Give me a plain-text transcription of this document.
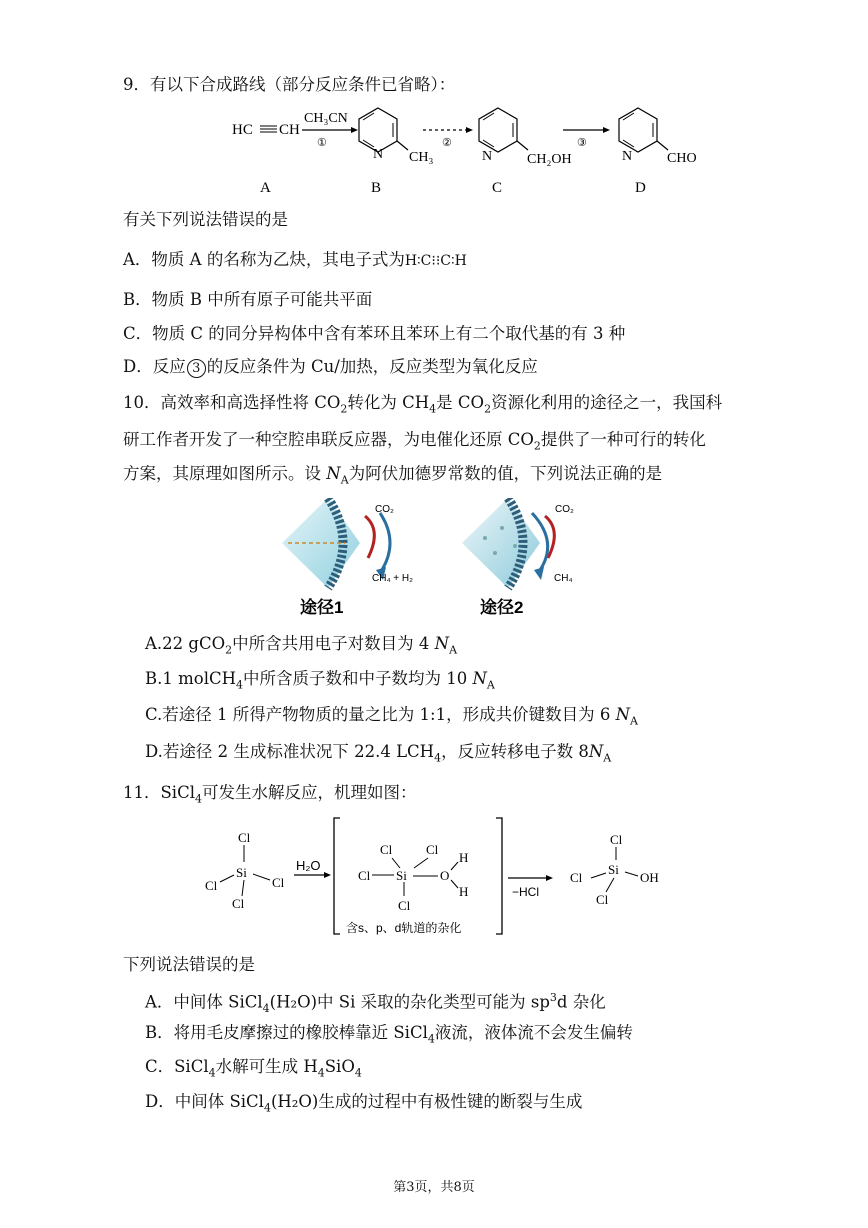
9．有以下合成路线（部分反应条件已省略）：
HC CH
A
CH₃CN
①
N CH₃
B
②
N CH₂OH
C
③
N CHO
D
有关下列说法错误的是
A．物质 A 的名称为乙炔，其电子式为H∶C⁝⁝C∶H
B．物质 B 中所有原子可能共平面
C．物质 C 的同分异构体中含有苯环且苯环上有二个取代基的有 3 种
D．反应 3 的反应条件为 Cu/加热，反应类型为氧化反应
10．高效率和高选择性将 $CO_2$转化为 $CH_4$是 $CO_2$资源化利用的途径之一，我国科
研工作者开发了一种空腔串联反应器，为电催化还原 $CO_2$提供了一种可行的转化
方案，其原理如图所示。设 $N_A$为阿伏加德罗常数的值，下列说法正确的是
CO₂
CH₄ + H₂
途径1
CO₂
CH₄
途径2
A.22 gCO$_2$中所含共用电子对数目为 4 $N_A$
B.1 molCH$_4$中所含质子数和中子数均为 10 $N_A$
C.若途径 1 所得产物物质的量之比为 1:1，形成共价键数目为 6 $N_A$
D.若途径 2 生成标准状况下 22.4 $LCH_4$，反应转移电子数 $8N_A$
11．SiCl$_4$可发生水解反应，机理如图：
Cl
Si
Cl	Cl
Cl
H₂O
Cl	Cl
Cl Si	O
H
H
Cl
含s、p、d轨道的杂化
−HCl
Cl
Si
Cl	OH
Cl
下列说法错误的是
A．中间体 SiCl$_4$(H₂O)中 Si 采取的杂化类型可能为 $sp^3d$ 杂化
B．将用毛皮摩擦过的橡胶棒靠近 SiCl$_4$液流，液体流不会发生偏转
C．SiCl$_4$水解可生成 $H_4SiO_4$
D．中间体 SiCl$_4$(H₂O)生成的过程中有极性键的断裂与生成
第3页，共8页
